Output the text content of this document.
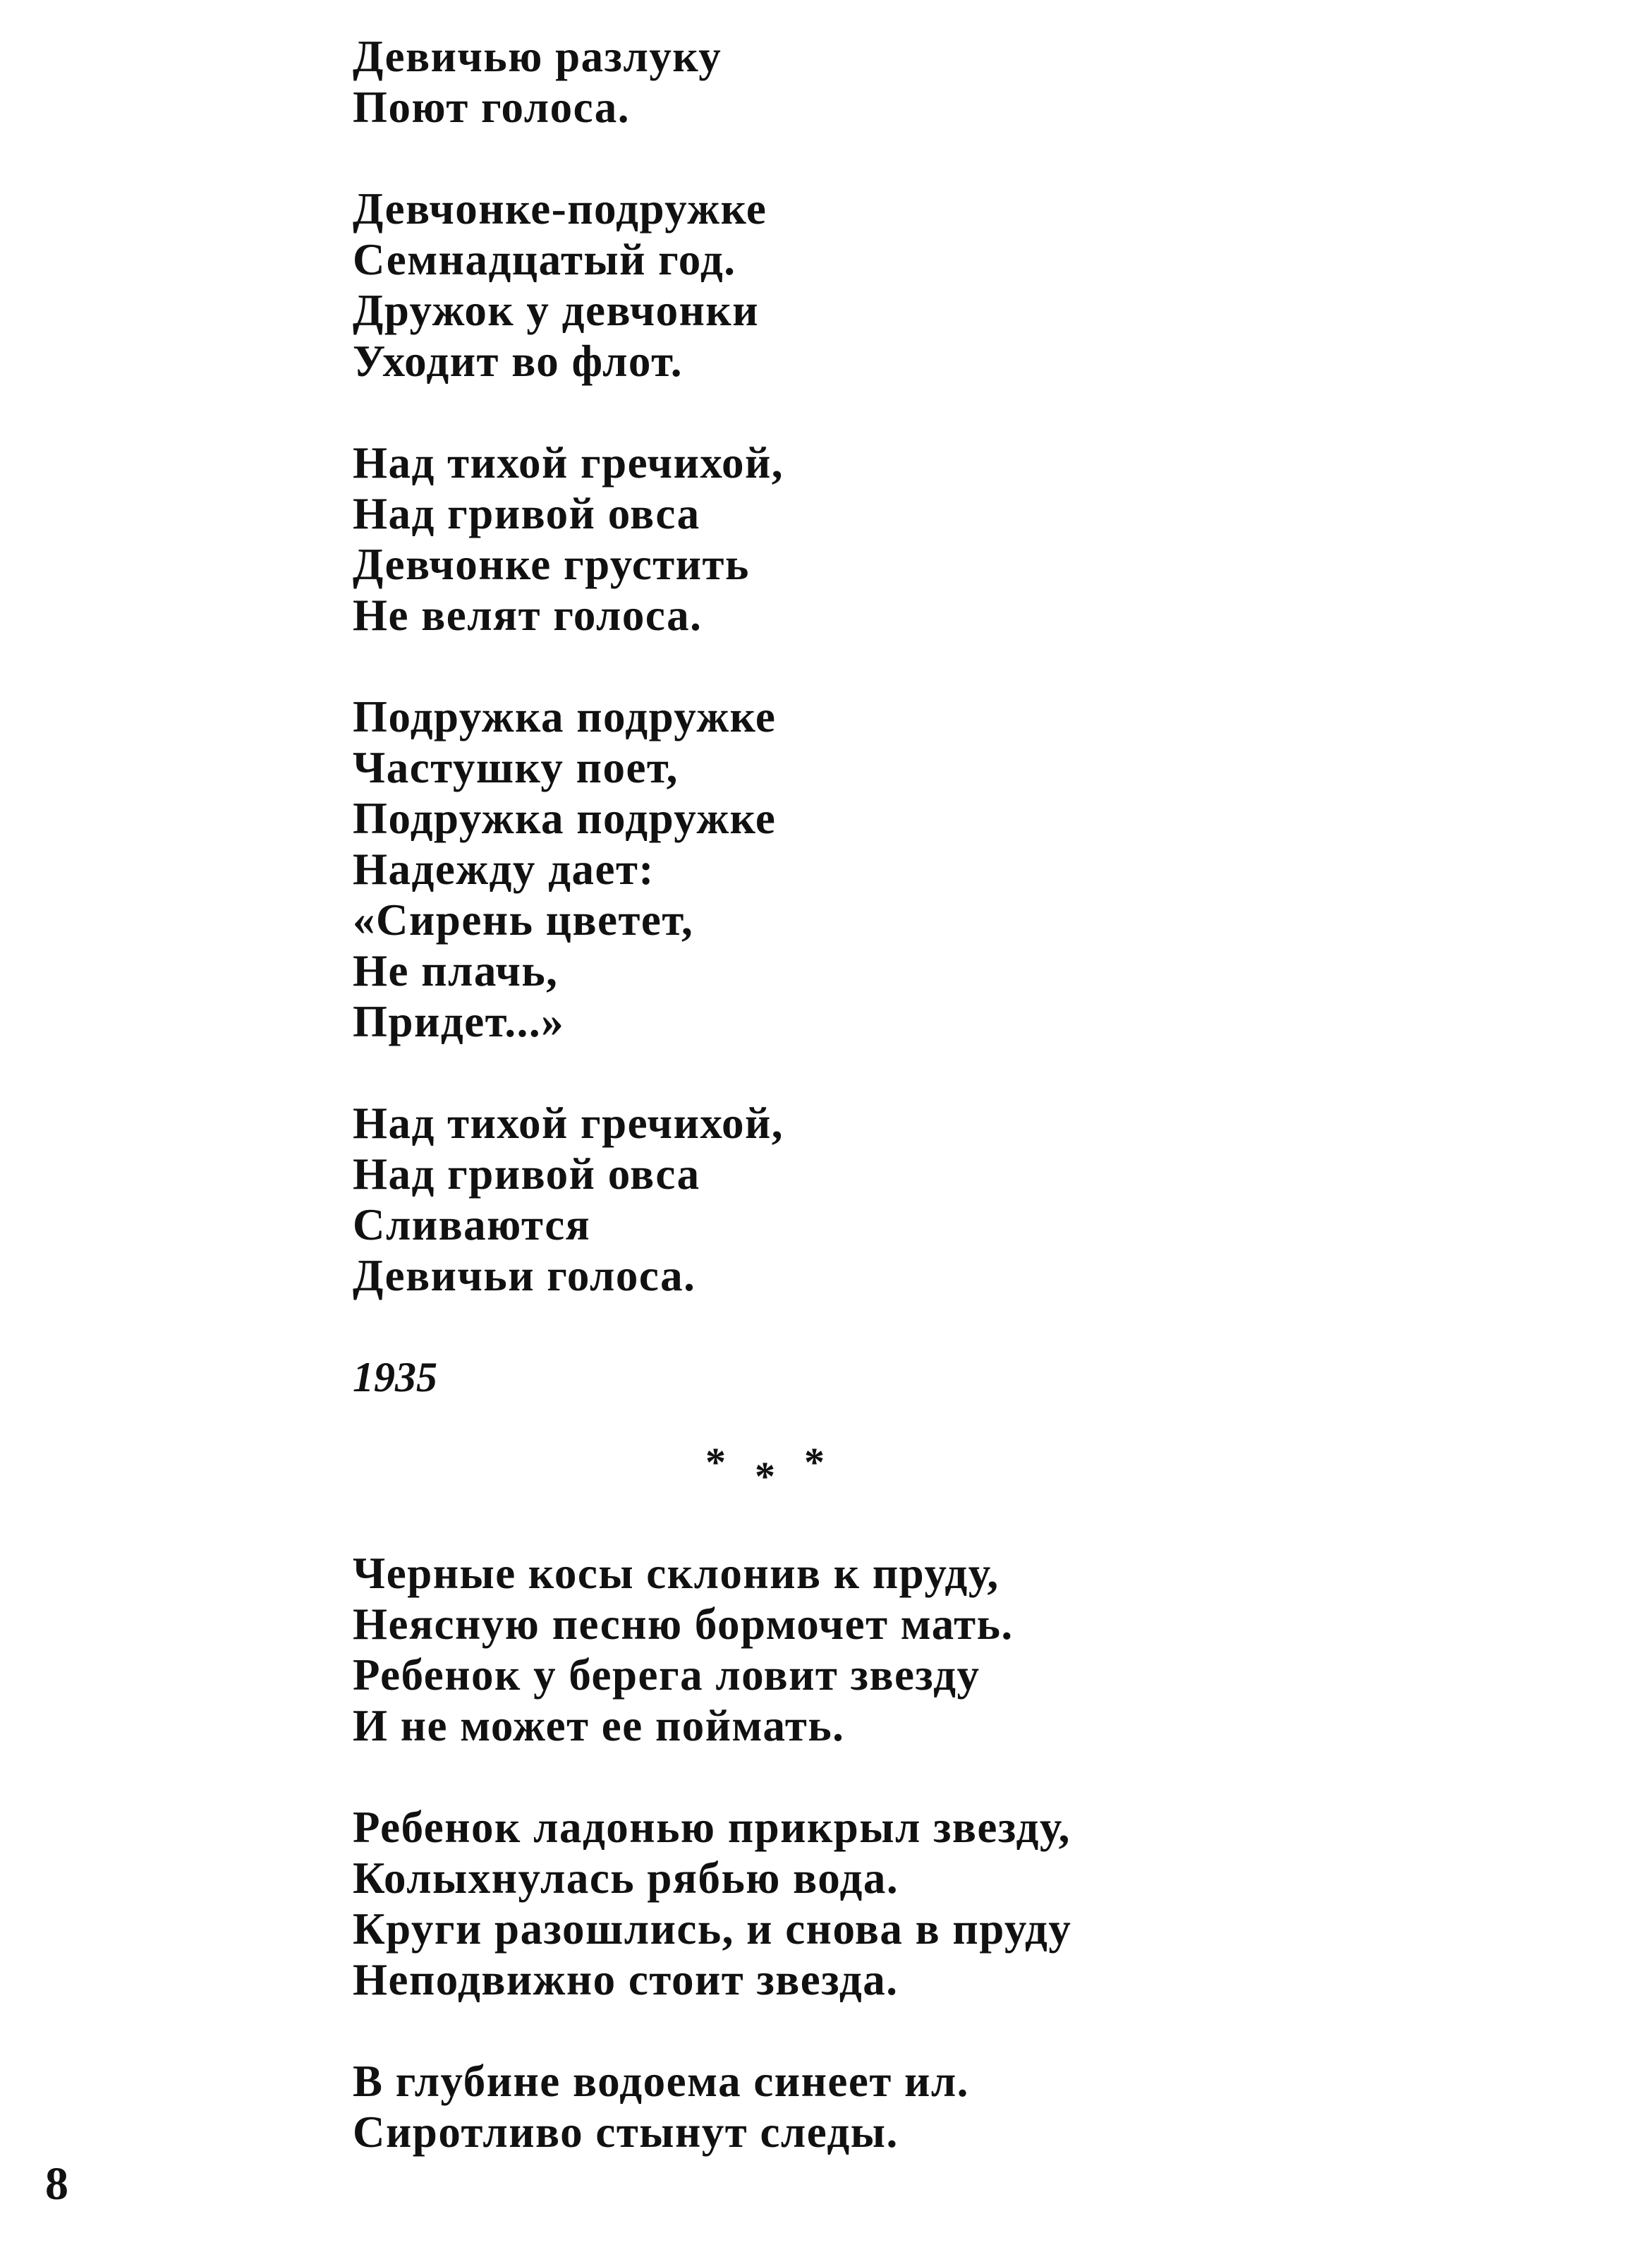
Девичью разлуку
Поют голоса.
Девчонке-подружке
Семнадцатый год.
Дружок у девчонки
Уходит во флот.
Над тихой гречихой,
Над гривой овса
Девчонке грустить
Не велят голоса.
Подружка подружке
Частушку поет,
Подружка подружке
Надежду дает:
«Сирень цветет,
Не плачь,
Придет...»
Над тихой гречихой,
Над гривой овса
Сливаются
Девичьи голоса.
1935
* * *
Черные косы склонив к пруду,
Неясную песню бормочет мать.
Ребенок у берега ловит звезду
И не может ее поймать.
Ребенок ладонью прикрыл звезду,
Колыхнулась рябью вода.
Круги разошлись, и снова в пруду
Неподвижно стоит звезда.
В глубине водоема синеет ил.
Сиротливо стынут следы.
8
